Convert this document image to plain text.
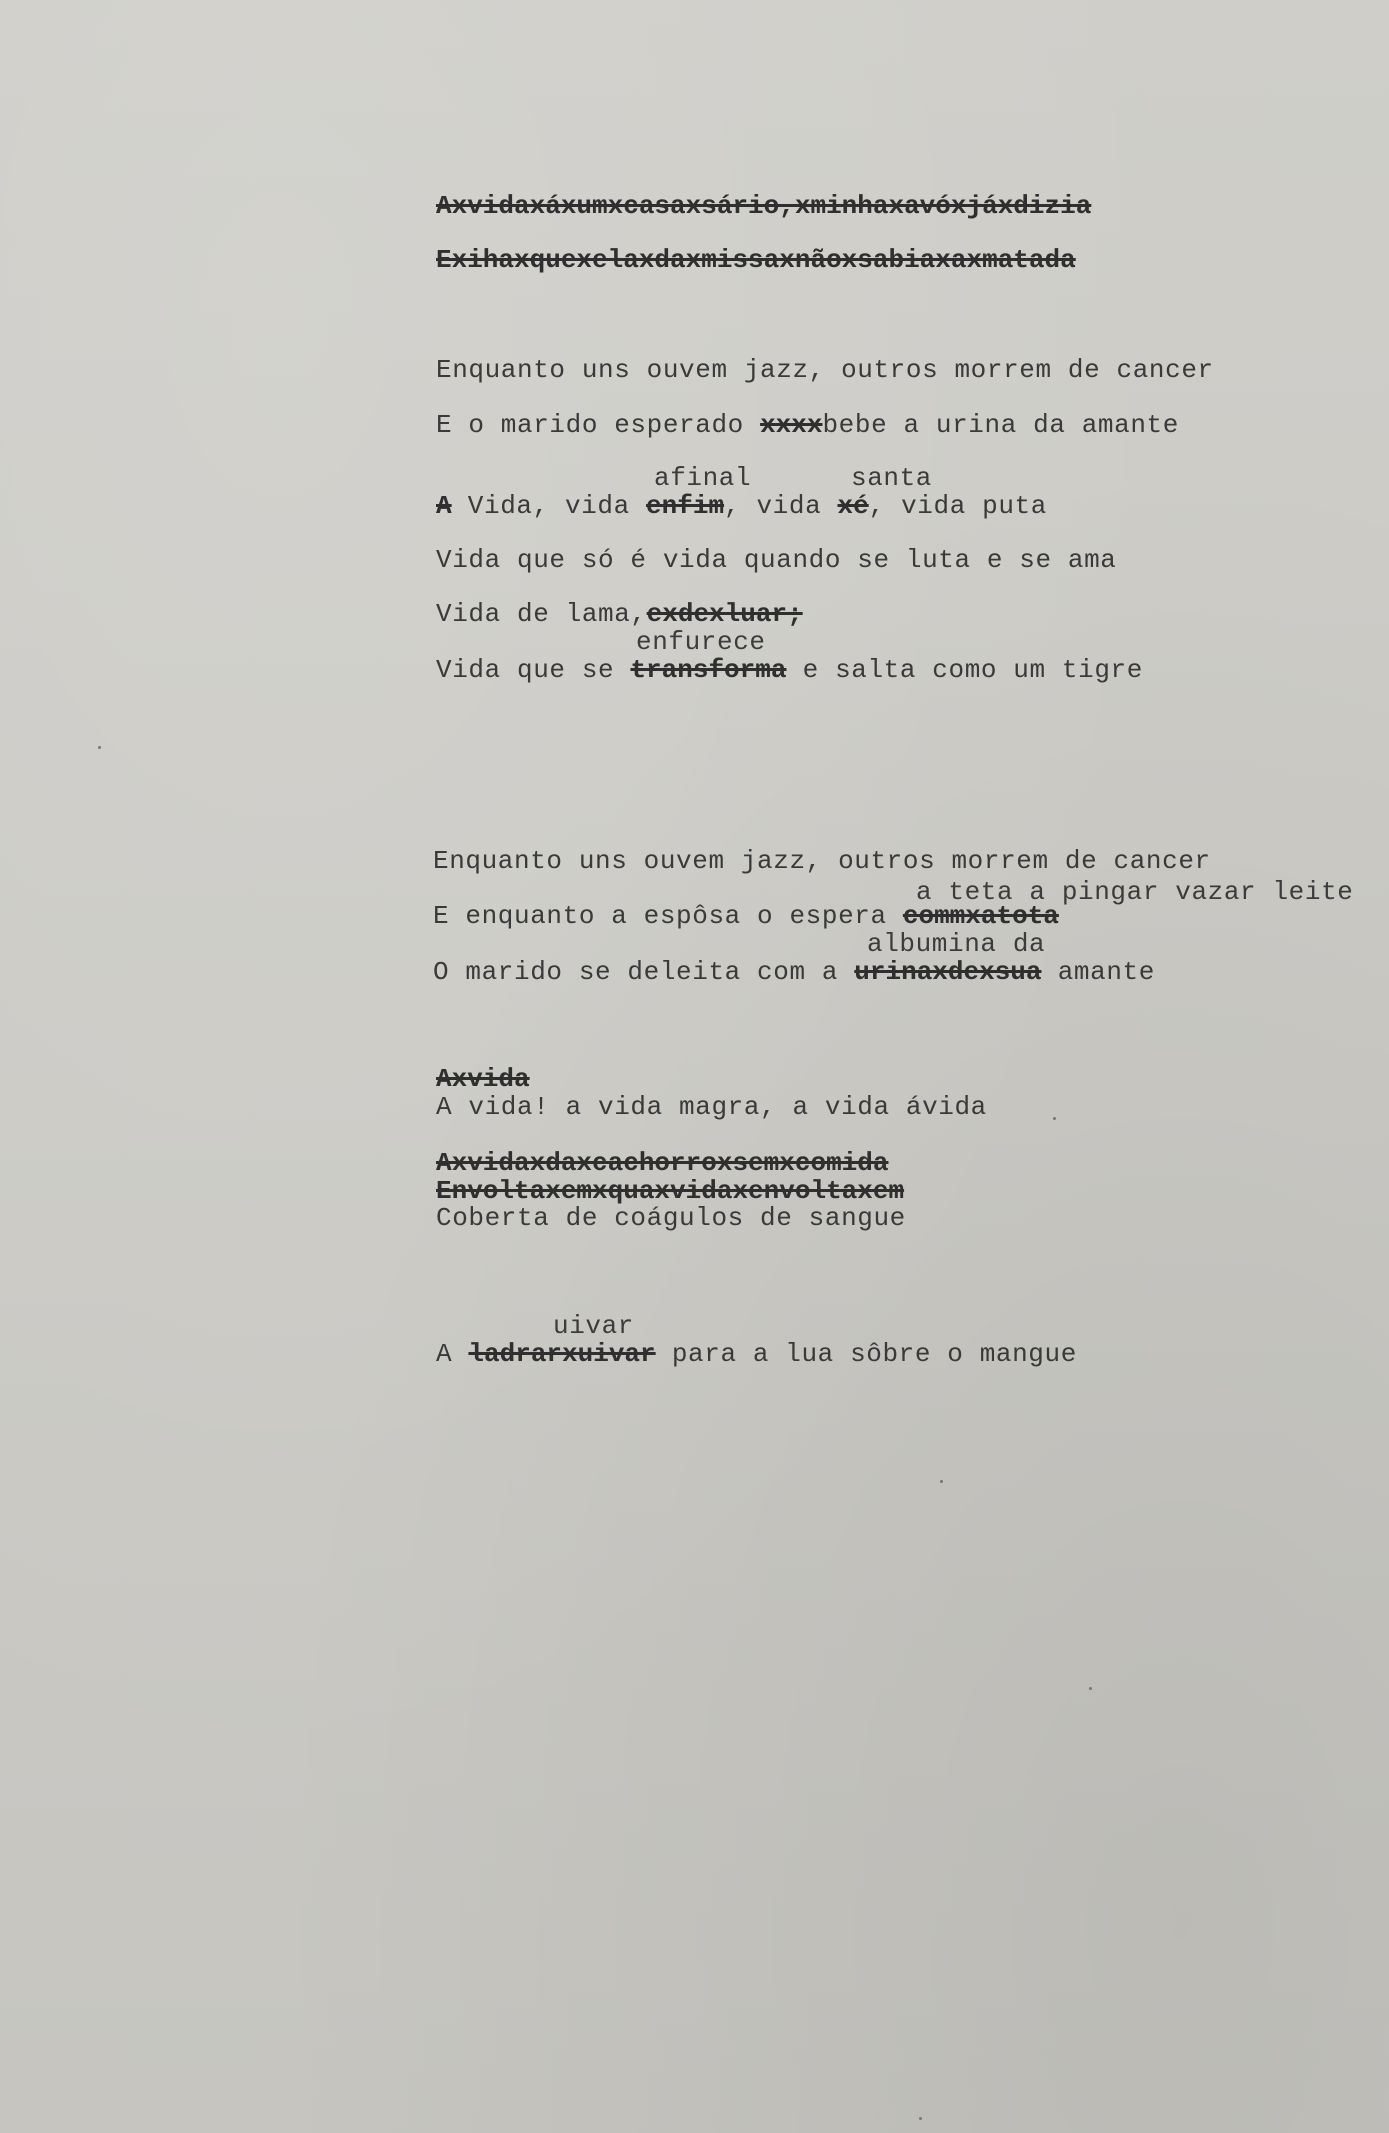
Axvidaxáxumxcasaxsário,xminhaxavóxjáxdizia
Exihaxquexelaxdaxmissaxnãoxsabiaxaxmatada
Enquanto uns ouvem jazz, outros morrem de cancer
E o marido esperado xxxxbebe a urina da amante
afinal	santa
A Vida, vida enfim, vida xé, vida puta
Vida que só é vida quando se luta e se ama
Vida de lama,exdexluar;
enfurece
Vida que se transforma e salta como um tigre
Enquanto uns ouvem jazz, outros morrem de cancer
a teta a pingar vazar leite
E enquanto a espôsa o espera commxatota
albumina da
O marido se deleita com a urinaxdexsua amante
Axvida
A vida! a vida magra, a vida ávida
Axvidaxdaxcachorroxsemxcomida
Envoltaxemxquaxvidaxenvoltaxem
Coberta de coágulos de sangue
uivar
A ladrarxuivar para a lua sôbre o mangue
